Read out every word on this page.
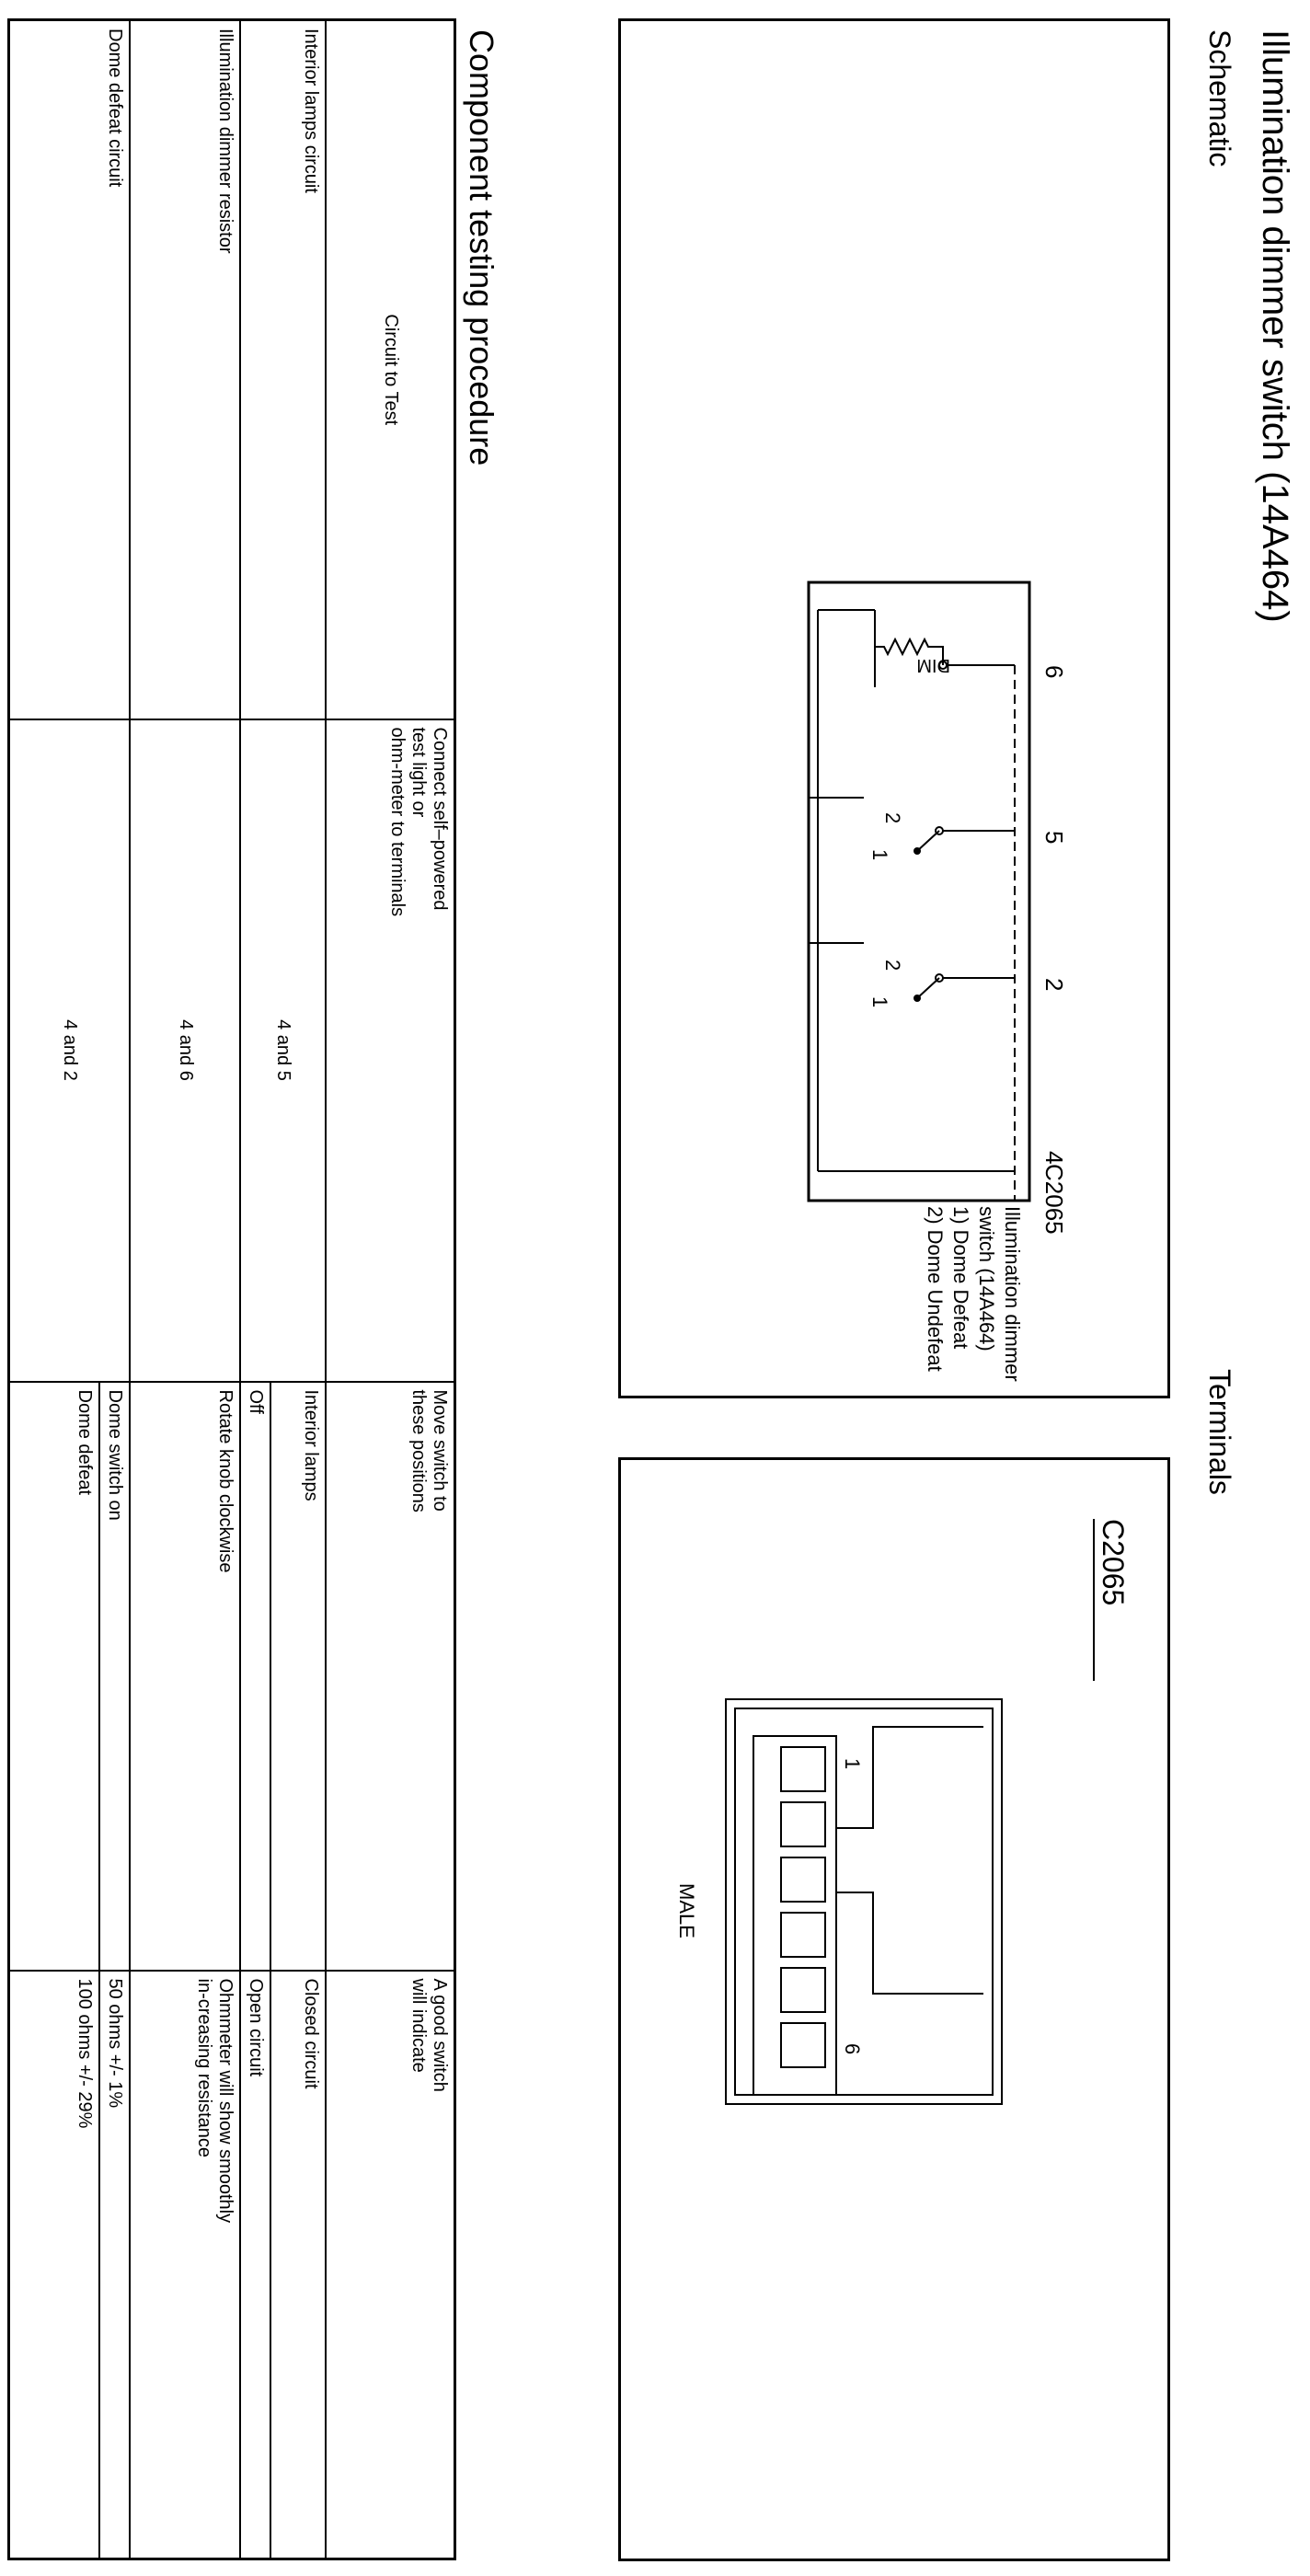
Illumination dimmer switch (14A464)
Schematic
Terminals
6
5
2
4
C2065
DIM
2
1
2
1
Illumination dimmer switch (14A464) 1) Dome Defeat 2) Dome Undefeat
C2065
1
6
MALE
Component testing procedure
Circuit to Test	Connect self–powered
test light or
ohm-meter to terminals	Move switch to
these positions	A good switch
will indicate
Interior lamps circuit	4 and 5	Interior lamps	Closed circuit
		Off	Open circuit
Illumination dimmer resistor	4 and 6	Rotate knob clockwise	Ohmmeter will show smoothly
in-creasing resistance
Dome defeat circuit	4 and 2	Dome switch on	50 ohms +/- 1%
		Dome defeat	100 ohms +/- 29%
